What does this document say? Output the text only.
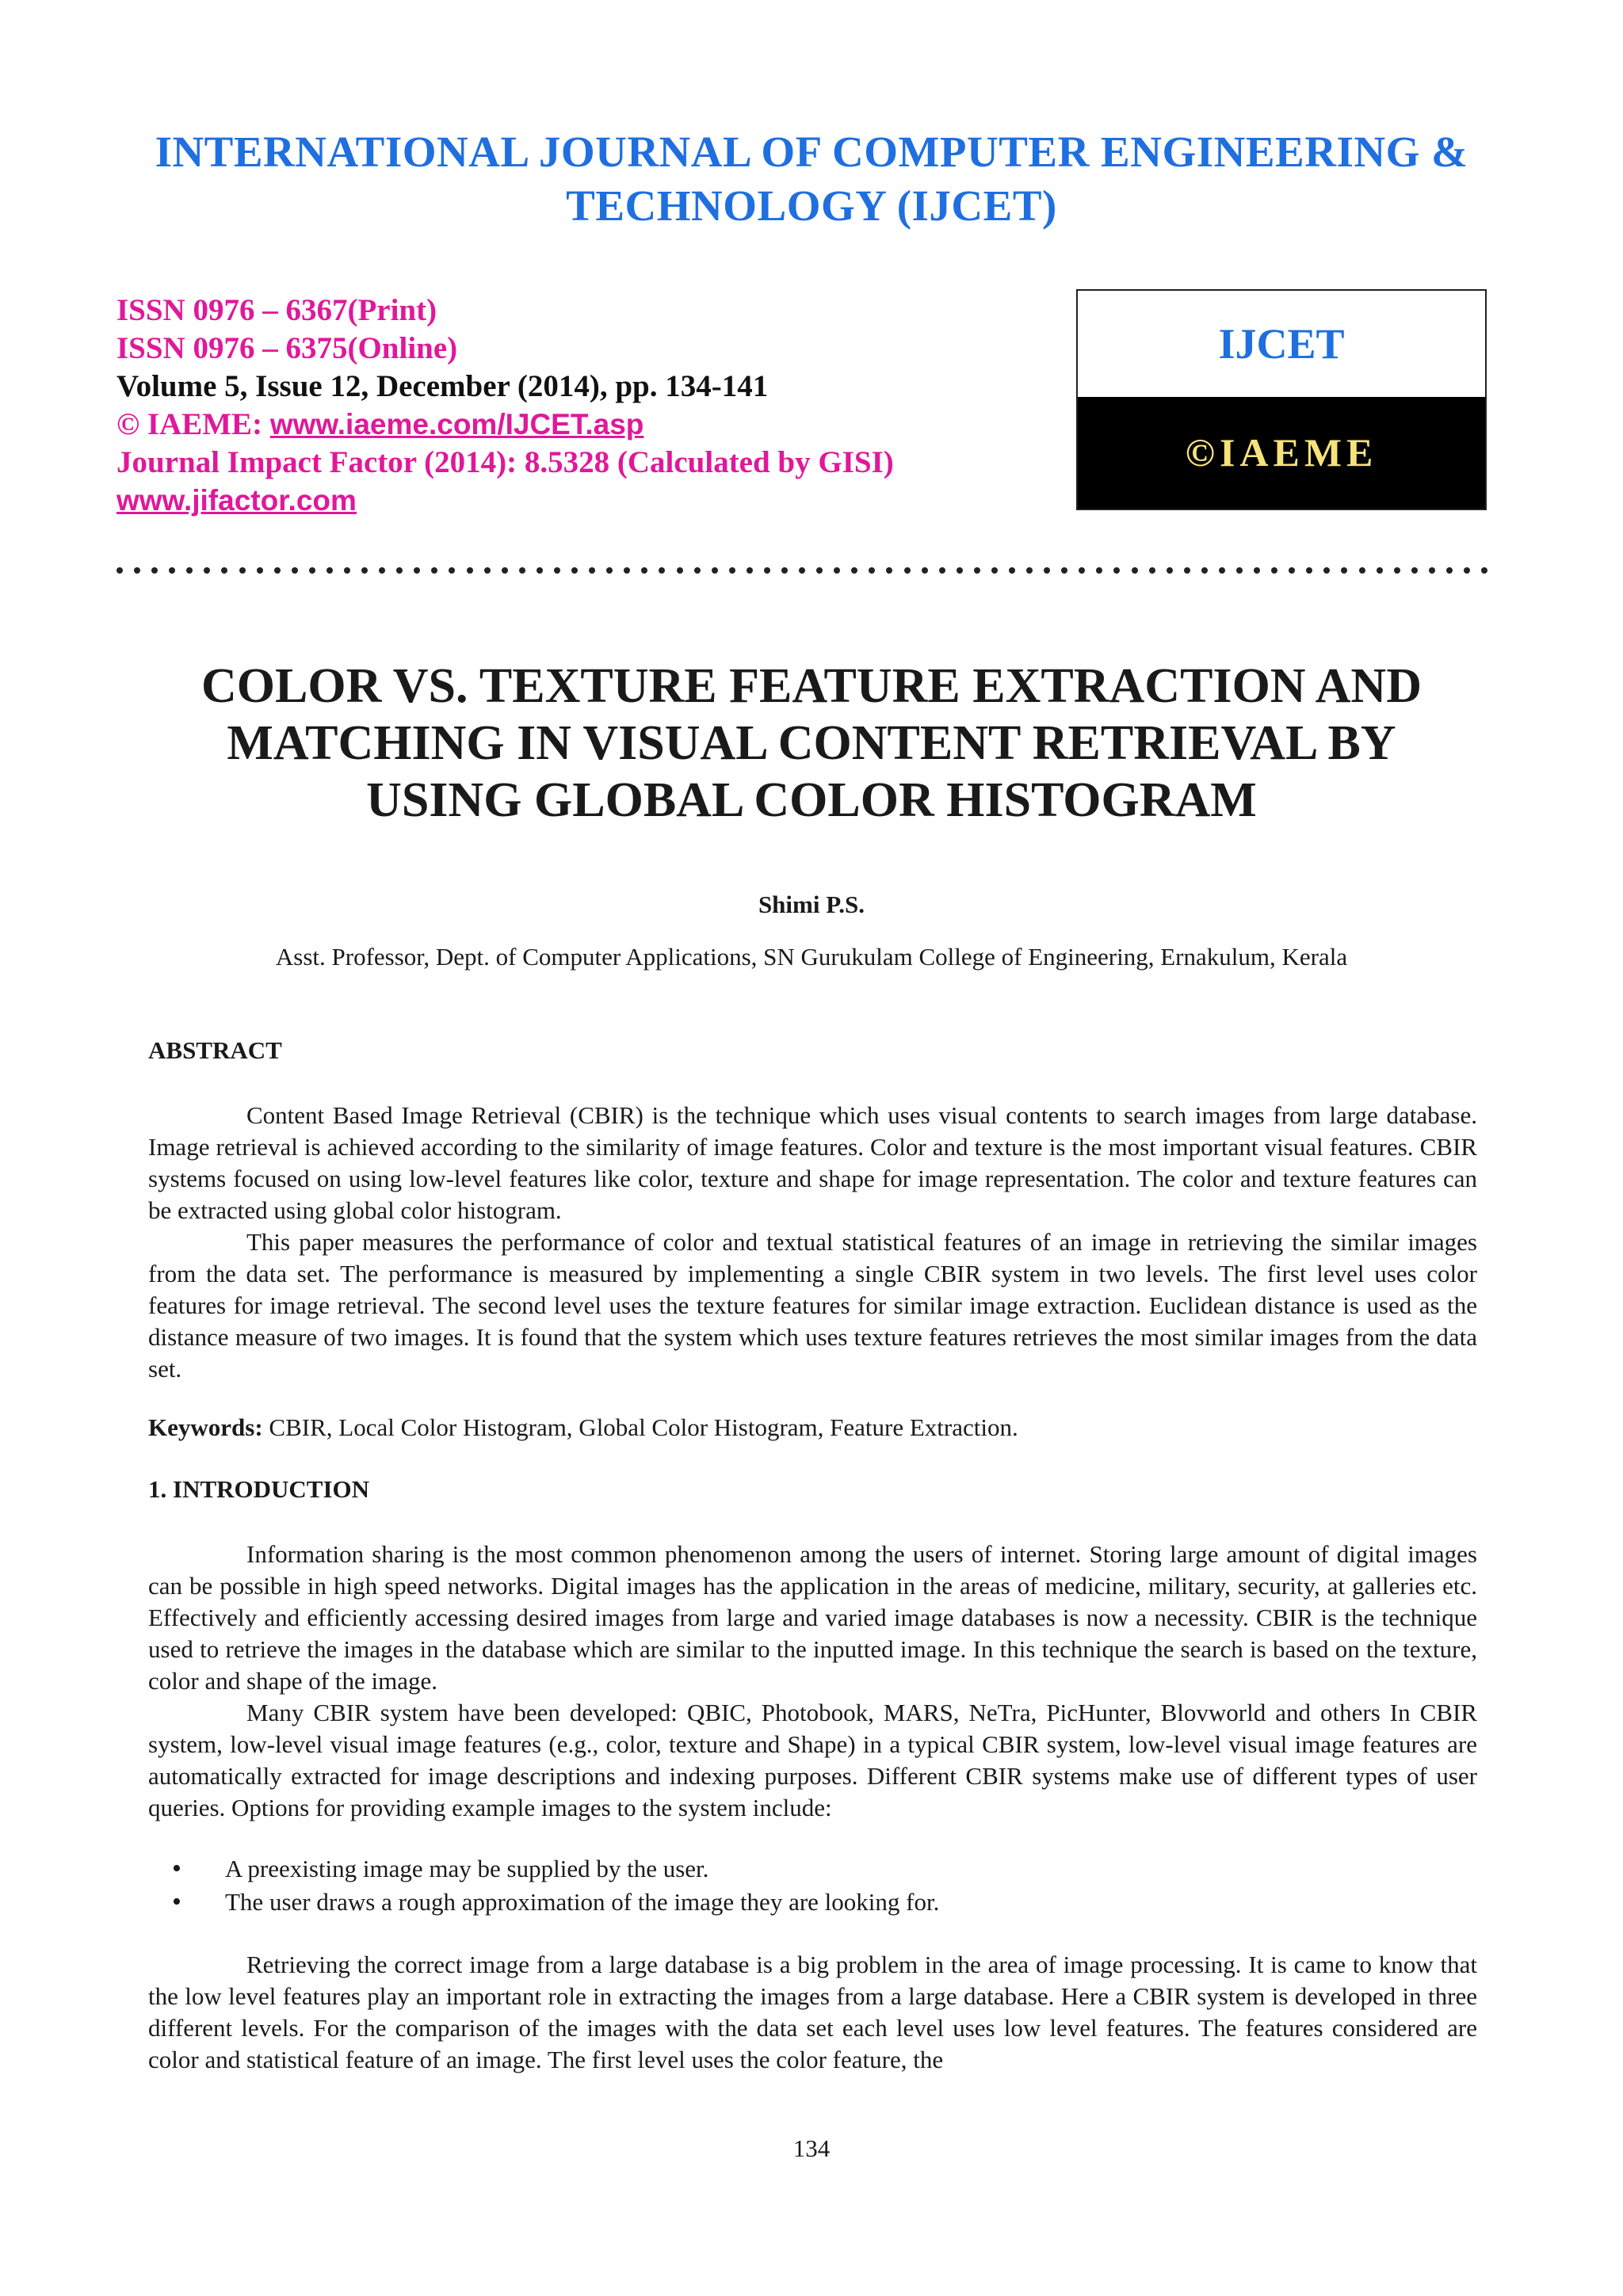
INTERNATIONAL JOURNAL OF COMPUTER ENGINEERING &
TECHNOLOGY (IJCET)
ISSN 0976 – 6367(Print)
ISSN 0976 – 6375(Online)
Volume 5, Issue 12, December (2014), pp. 134-141
© IAEME: www.iaeme.com/IJCET.asp
Journal Impact Factor (2014): 8.5328 (Calculated by GISI)
www.jifactor.com
IJCET
©IAEME
COLOR VS. TEXTURE FEATURE EXTRACTION AND
MATCHING IN VISUAL CONTENT RETRIEVAL BY
USING GLOBAL COLOR HISTOGRAM
Shimi P.S.
Asst. Professor, Dept. of Computer Applications, SN Gurukulam College of Engineering, Ernakulum, Kerala
ABSTRACT
Content Based Image Retrieval (CBIR) is the technique which uses visual contents to search images from large database. Image retrieval is achieved according to the similarity of image features. Color and texture is the most important visual features. CBIR systems focused on using low-level features like color, texture and shape for image representation. The color and texture features can be extracted using global color histogram.
This paper measures the performance of color and textual statistical features of an image in retrieving the similar images from the data set. The performance is measured by implementing a single CBIR system in two levels. The first level uses color features for image retrieval. The second level uses the texture features for similar image extraction. Euclidean distance is used as the distance measure of two images. It is found that the system which uses texture features retrieves the most similar images from the data set.
Keywords: CBIR, Local Color Histogram, Global Color Histogram, Feature Extraction.
1. INTRODUCTION
Information sharing is the most common phenomenon among the users of internet. Storing large amount of digital images can be possible in high speed networks. Digital images has the application in the areas of medicine, military, security, at galleries etc. Effectively and efficiently accessing desired images from large and varied image databases is now a necessity. CBIR is the technique used to retrieve the images in the database which are similar to the inputted image. In this technique the search is based on the texture, color and shape of the image.
Many CBIR system have been developed: QBIC, Photobook, MARS, NeTra, PicHunter, Blovworld and others In CBIR system, low-level visual image features (e.g., color, texture and Shape) in a typical CBIR system, low-level visual image features are automatically extracted for image descriptions and indexing purposes. Different CBIR systems make use of different types of user queries. Options for providing example images to the system include:
•	A preexisting image may be supplied by the user.
•	The user draws a rough approximation of the image they are looking for.
Retrieving the correct image from a large database is a big problem in the area of image processing. It is came to know that the low level features play an important role in extracting the images from a large database. Here a CBIR system is developed in three different levels. For the comparison of the images with the data set each level uses low level features. The features considered are color and statistical feature of an image. The first level uses the color feature, the
134
